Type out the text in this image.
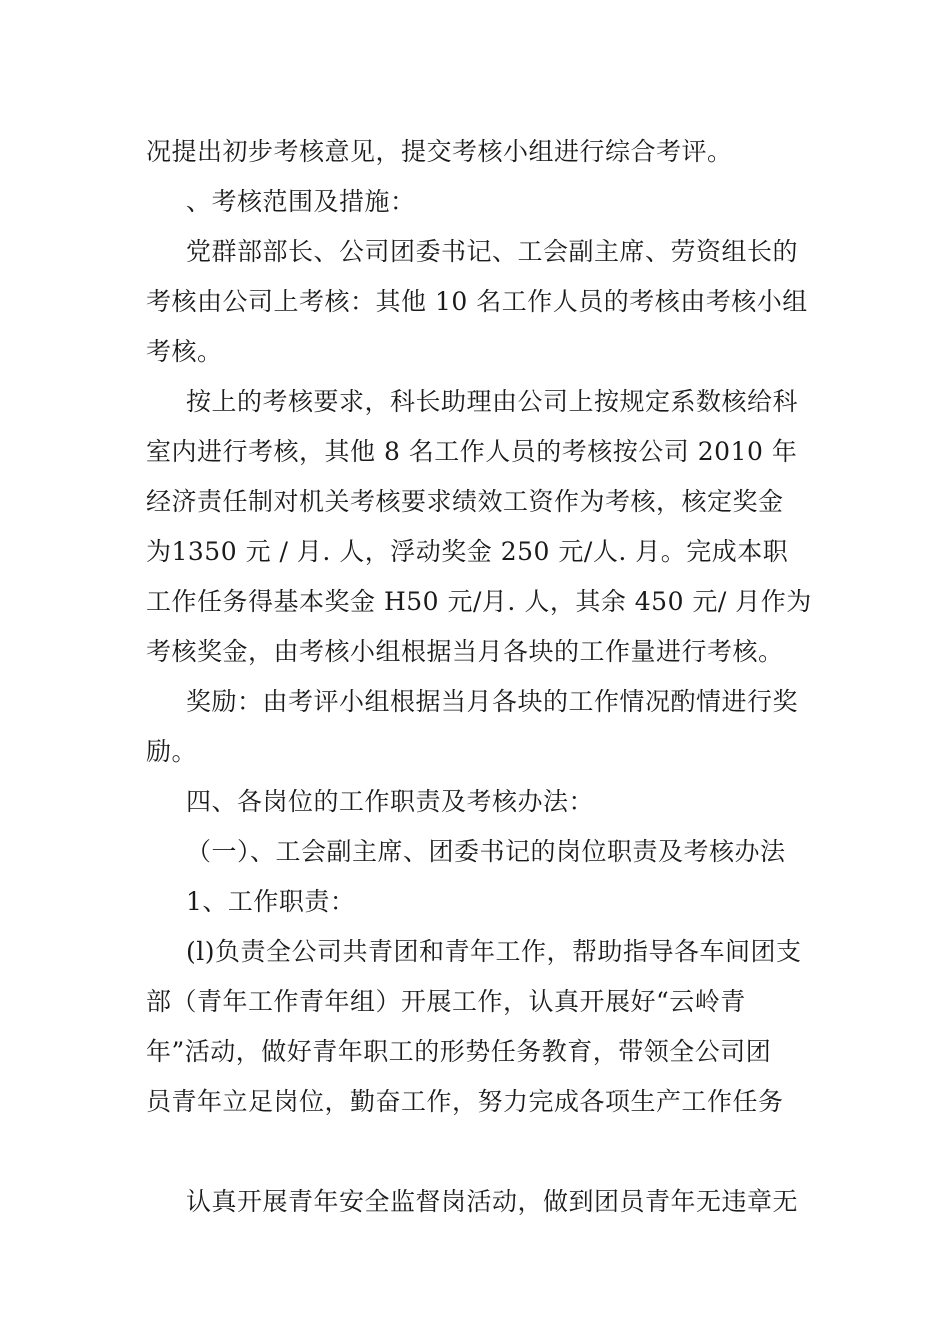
况提出初步考核意见，提交考核小组进行综合考评。
、考核范围及措施：
党群部部长、公司团委书记、工会副主席、劳资组长的
考核由公司上考核：其他 10 名工作人员的考核由考核小组
考核。
按上的考核要求，科长助理由公司上按规定系数核给科
室内进行考核，其他 8 名工作人员的考核按公司 2010 年
经济责任制对机关考核要求绩效工资作为考核，核定奖金
为1350 元 / 月. 人，浮动奖金 250 元/人. 月。完成本职
工作任务得基本奖金 H50 元/月. 人，其余 450 元/ 月作为
考核奖金，由考核小组根据当月各块的工作量进行考核。
奖励：由考评小组根据当月各块的工作情况酌情进行奖
励。
四、各岗位的工作职责及考核办法：
（一）、工会副主席、团委书记的岗位职责及考核办法
1、工作职责：
(l)负责全公司共青团和青年工作，帮助指导各车间团支
部（青年工作青年组）开展工作，认真开展好“云岭青
年”活动，做好青年职工的形势任务教育，带领全公司团
员青年立足岗位，勤奋工作，努力完成各项生产工作任务
认真开展青年安全监督岗活动，做到团员青年无违章无
